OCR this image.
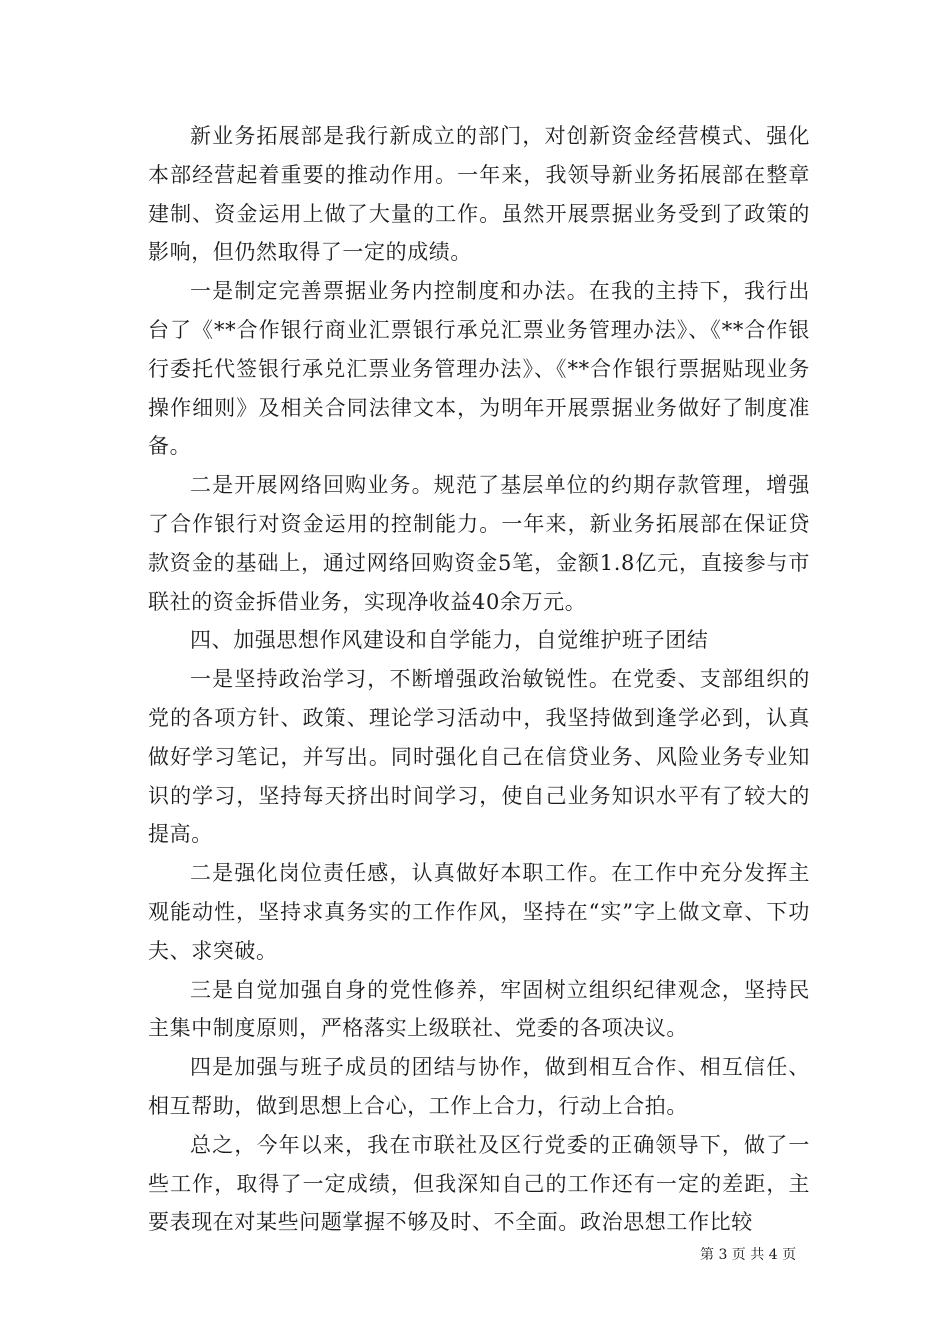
新业务拓展部是我行新成立的部门，对创新资金经营模式、强化本部经营起着重要的推动作用。一年来，我领导新业务拓展部在整章建制、资金运用上做了大量的工作。虽然开展票据业务受到了政策的影响，但仍然取得了一定的成绩。

一是制定完善票据业务内控制度和办法。在我的主持下，我行出台了《**合作银行商业汇票银行承兑汇票业务管理办法》、《**合作银行委托代签银行承兑汇票业务管理办法》、《**合作银行票据贴现业务操作细则》及相关合同法律文本，为明年开展票据业务做好了制度准备。

二是开展网络回购业务。规范了基层单位的约期存款管理，增强了合作银行对资金运用的控制能力。一年来，新业务拓展部在保证贷款资金的基础上，通过网络回购资金5笔，金额1.8亿元，直接参与市联社的资金拆借业务，实现净收益40余万元。

四、加强思想作风建设和自学能力，自觉维护班子团结

一是坚持政治学习，不断增强政治敏锐性。在党委、支部组织的党的各项方针、政策、理论学习活动中，我坚持做到逢学必到，认真做好学习笔记，并写出。同时强化自己在信贷业务、风险业务专业知识的学习，坚持每天挤出时间学习，使自己业务知识水平有了较大的提高。

二是强化岗位责任感，认真做好本职工作。在工作中充分发挥主观能动性，坚持求真务实的工作作风，坚持在“实”字上做文章、下功夫、求突破。

三是自觉加强自身的党性修养，牢固树立组织纪律观念，坚持民主集中制度原则，严格落实上级联社、党委的各项决议。

四是加强与班子成员的团结与协作，做到相互合作、相互信任、相互帮助，做到思想上合心，工作上合力，行动上合拍。

总之，今年以来，我在市联社及区行党委的正确领导下，做了一些工作，取得了一定成绩，但我深知自己的工作还有一定的差距，主要表现在对某些问题掌握不够及时、不全面。政治思想工作比较

第 3 页 共 4 页
